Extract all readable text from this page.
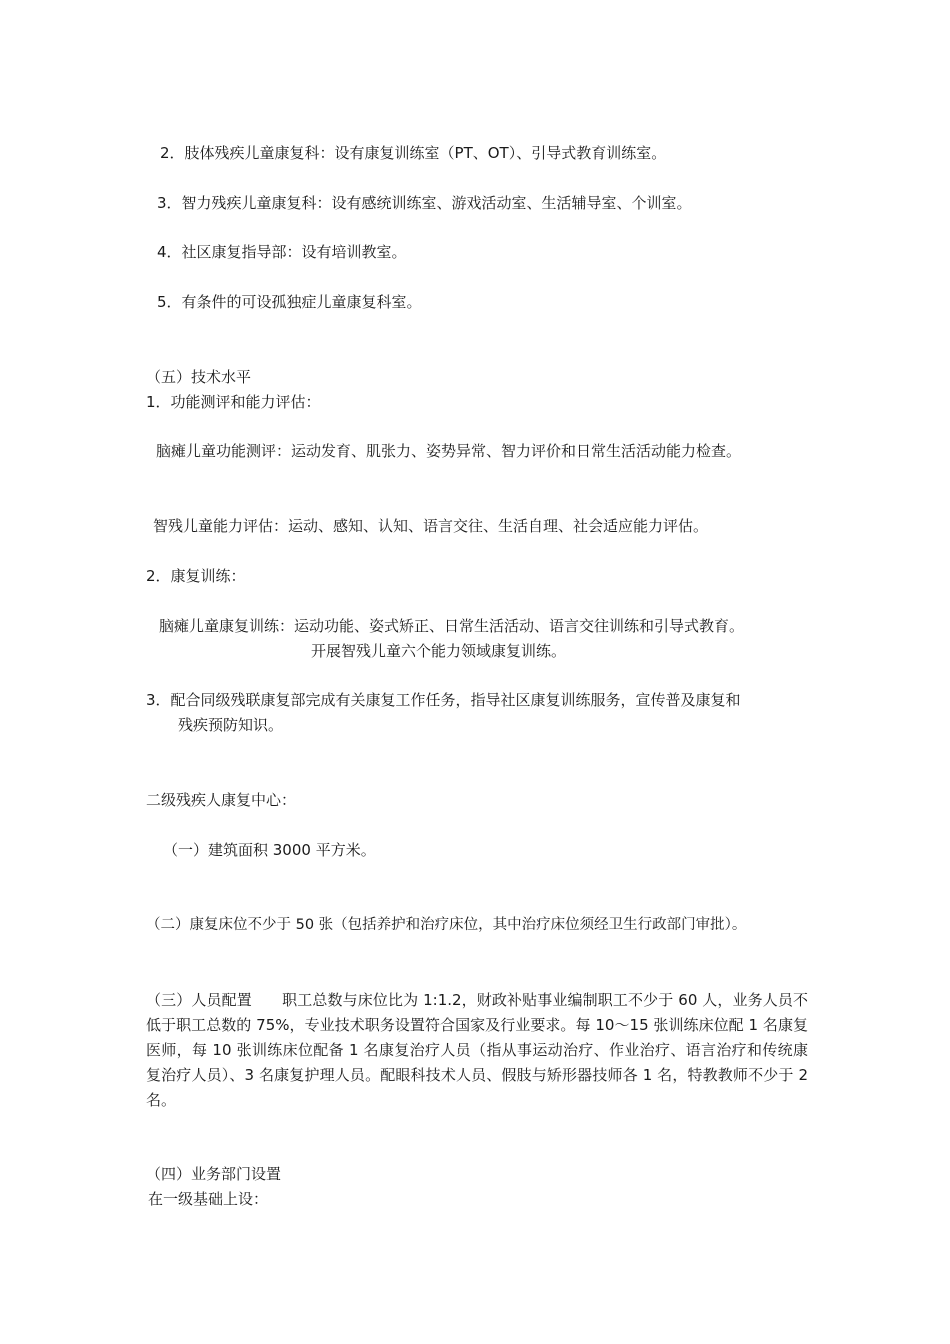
2．肢体残疾儿童康复科：设有康复训练室（PT、OT）、引导式教育训练室。

3．智力残疾儿童康复科：设有感统训练室、游戏活动室、生活辅导室、个训室。

4．社区康复指导部：设有培训教室。

5．有条件的可设孤独症儿童康复科室。

（五）技术水平

1．功能测评和能力评估：

脑瘫儿童功能测评：运动发育、肌张力、姿势异常、智力评价和日常生活活动能力检查。

智残儿童能力评估：运动、感知、认知、语言交往、生活自理、社会适应能力评估。

2．康复训练：

脑瘫儿童康复训练：运动功能、姿式矫正、日常生活活动、语言交往训练和引导式教育。

开展智残儿童六个能力领域康复训练。

3．配合同级残联康复部完成有关康复工作任务，指导社区康复训练服务，宣传普及康复和

残疾预防知识。

二级残疾人康复中心：

（一）建筑面积 3000 平方米。

（二）康复床位不少于 50 张（包括养护和治疗床位，其中治疗床位须经卫生行政部门审批）。

（三）人员配置　　职工总数与床位比为 1:1.2，财政补贴事业编制职工不少于 60 人，业务人员不低于职工总数的 75%，专业技术职务设置符合国家及行业要求。每 10～15 张训练床位配 1 名康复医师，每 10 张训练床位配备 1 名康复治疗人员（指从事运动治疗、作业治疗、语言治疗和传统康复治疗人员）、3 名康复护理人员。配眼科技术人员、假肢与矫形器技师各 1 名，特教教师不少于 2 名。

（四）业务部门设置

在一级基础上设：
